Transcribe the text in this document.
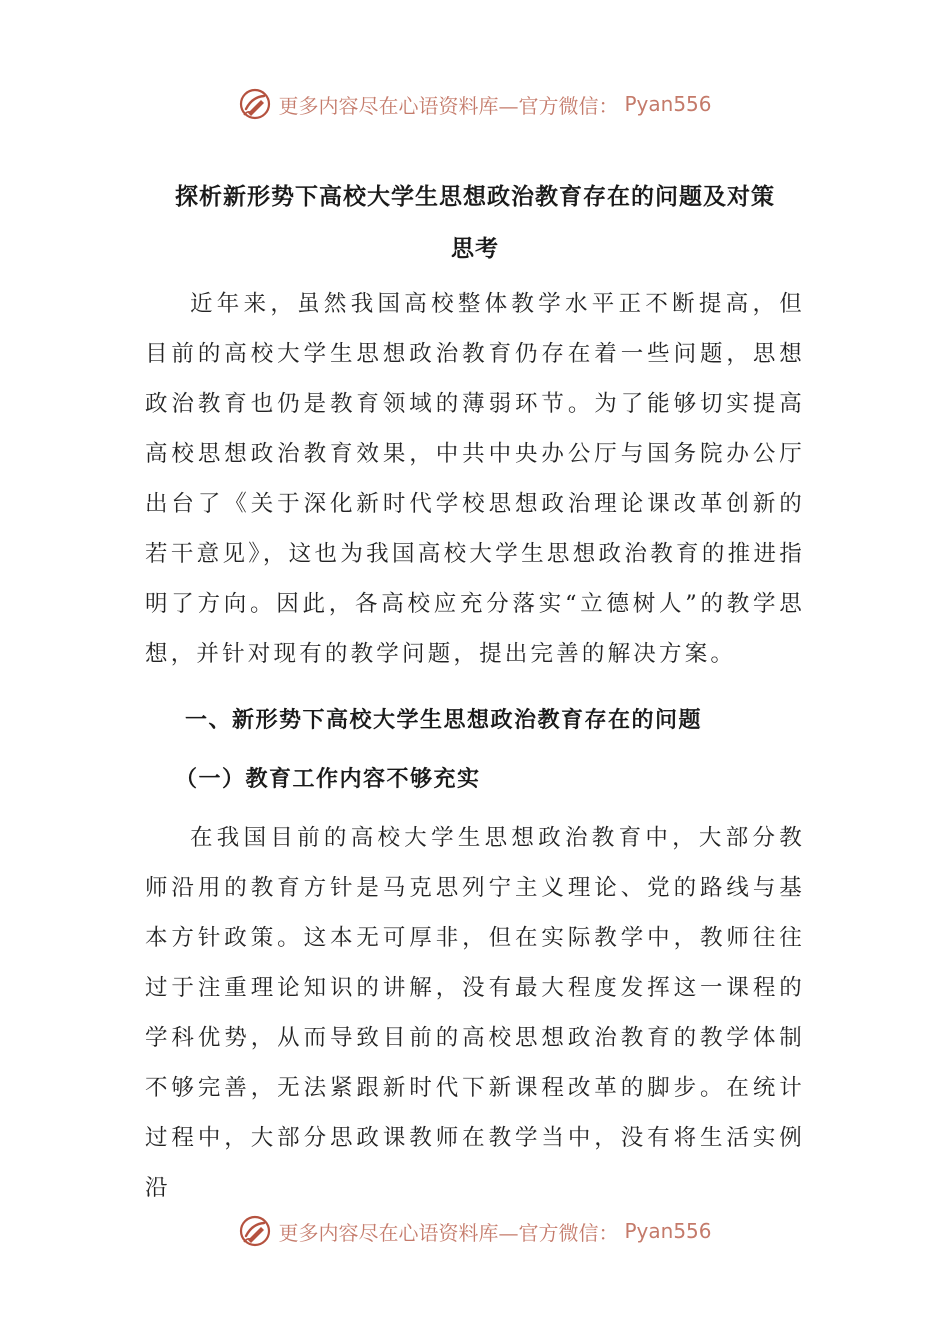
更多内容尽在心语资料库—官方微信： Pyan556
探析新形势下高校大学生思想政治教育存在的问题及对策
思考
近年来，虽然我国高校整体教学水平正不断提高，但目前的高校大学生思想政治教育仍存在着一些问题，思想政治教育也仍是教育领域的薄弱环节。为了能够切实提高高校思想政治教育效果，中共中央办公厅与国务院办公厅出台了《关于深化新时代学校思想政治理论课改革创新的若干意见》，这也为我国高校大学生思想政治教育的推进指明了方向。因此，各高校应充分落实“立德树人”的教学思想，并针对现有的教学问题，提出完善的解决方案。
一、新形势下高校大学生思想政治教育存在的问题
（一）教育工作内容不够充实
在我国目前的高校大学生思想政治教育中，大部分教师沿用的教育方针是马克思列宁主义理论、党的路线与基本方针政策。这本无可厚非，但在实际教学中，教师往往过于注重理论知识的讲解，没有最大程度发挥这一课程的学科优势，从而导致目前的高校思想政治教育的教学体制不够完善，无法紧跟新时代下新课程改革的脚步。在统计过程中，大部分思政课教师在教学当中，没有将生活实例沿
更多内容尽在心语资料库—官方微信： Pyan556
